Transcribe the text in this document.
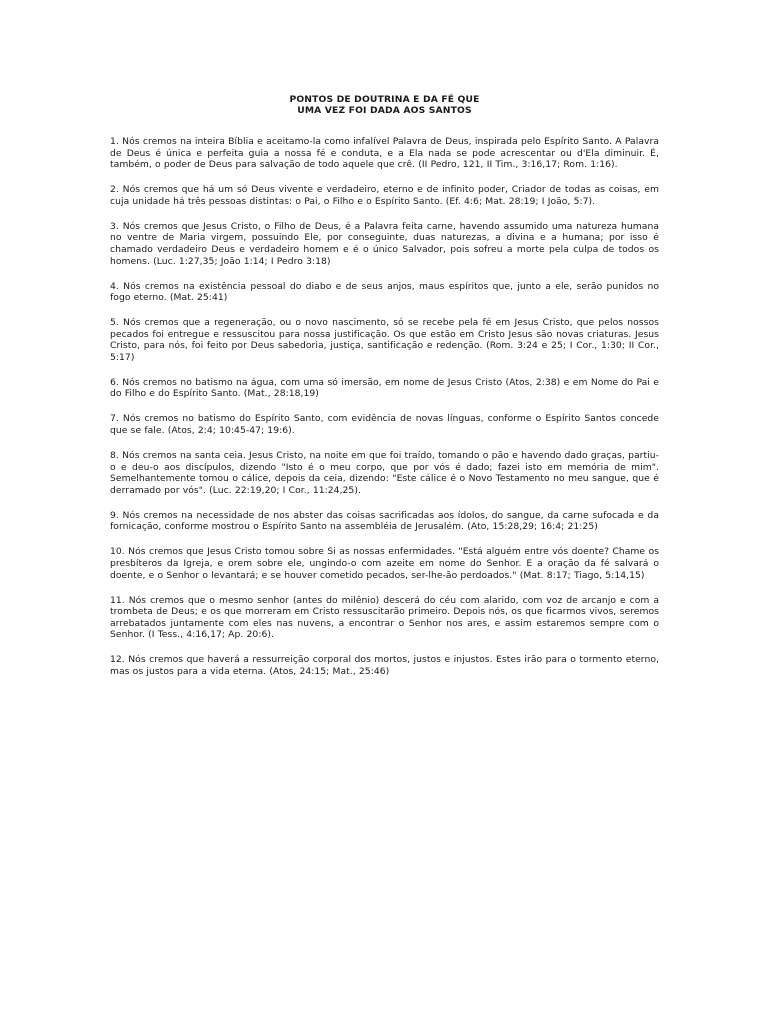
PONTOS DE DOUTRINA E DA FÉ QUE
UMA VEZ FOI DADA AOS SANTOS

1. Nós cremos na inteira Bíblia e aceitamo-la como infalível Palavra de Deus, inspirada pelo Espírito Santo. A Palavra de Deus é única e perfeita guia a nossa fé e conduta, e a Ela nada se pode acrescentar ou d'Ela diminuir. É, também, o poder de Deus para salvação de todo aquele que crê. (II Pedro, 121, II Tim., 3:16,17; Rom. 1:16).

2. Nós cremos que há um só Deus vivente e verdadeiro, eterno e de infinito poder, Criador de todas as coisas, em cuja unidade há três pessoas distintas: o Pai, o Filho e o Espírito Santo. (Ef. 4:6; Mat. 28:19; I João, 5:7).

3. Nós cremos que Jesus Cristo, o Filho de Deus, é a Palavra feita carne, havendo assumido uma natureza humana no ventre de Maria virgem, possuindo Ele, por conseguinte, duas naturezas, a divina e a humana; por isso é chamado verdadeiro Deus e verdadeiro homem e é o único Salvador, pois sofreu a morte pela culpa de todos os homens. (Luc. 1:27,35; João 1:14; I Pedro 3:18)

4. Nós cremos na existência pessoal do diabo e de seus anjos, maus espíritos que, junto a ele, serão punidos no fogo eterno. (Mat. 25:41)

5. Nós cremos que a regeneração, ou o novo nascimento, só se recebe pela fé em Jesus Cristo, que pelos nossos pecados foi entregue e ressuscitou para nossa justificação. Os que estão em Cristo Jesus são novas criaturas. Jesus Cristo, para nós, foi feito por Deus sabedoria, justiça, santificação e redenção. (Rom. 3:24 e 25; I Cor., 1:30; II Cor., 5:17)

6. Nós cremos no batismo na água, com uma só imersão, em nome de Jesus Cristo (Atos, 2:38) e em Nome do Pai e do Filho e do Espírito Santo. (Mat., 28:18,19)

7. Nós cremos no batismo do Espírito Santo, com evidência de novas línguas, conforme o Espírito Santos concede que se fale. (Atos, 2:4; 10:45-47; 19:6).

8. Nós cremos na santa ceia. Jesus Cristo, na noite em que foi traído, tomando o pão e havendo dado graças, partiu-o e deu-o aos discípulos, dizendo "Isto é o meu corpo, que por vós é dado; fazei isto em memória de mim". Semelhantemente tomou o cálice, depois da ceia, dizendo: "Este cálice é o Novo Testamento no meu sangue, que é derramado por vós". (Luc. 22:19,20; I Cor., 11:24,25).

9. Nós cremos na necessidade de nos abster das coisas sacrificadas aos ídolos, do sangue, da carne sufocada e da fornicação, conforme mostrou o Espírito Santo na assembléia de Jerusalém. (Ato, 15:28,29; 16:4; 21:25)

10. Nós cremos que Jesus Cristo tomou sobre Si as nossas enfermidades. "Está alguém entre vós doente? Chame os presbíteros da Igreja, e orem sobre ele, ungindo-o com azeite em nome do Senhor. E a oração da fé salvará o doente, e o Senhor o levantará; e se houver cometido pecados, ser-lhe-ão perdoados." (Mat. 8:17; Tiago, 5:14,15)

11. Nós cremos que o mesmo senhor (antes do milênio) descerá do céu com alarido, com voz de arcanjo e com a trombeta de Deus; e os que morreram em Cristo ressuscitarão primeiro. Depois nós, os que ficarmos vivos, seremos arrebatados juntamente com eles nas nuvens, a encontrar o Senhor nos ares, e assim estaremos sempre com o Senhor. (I Tess., 4:16,17; Ap. 20:6).

12. Nós cremos que haverá a ressurreição corporal dos mortos, justos e injustos. Estes irão para o tormento eterno, mas os justos para a vida eterna. (Atos, 24:15; Mat., 25:46)
